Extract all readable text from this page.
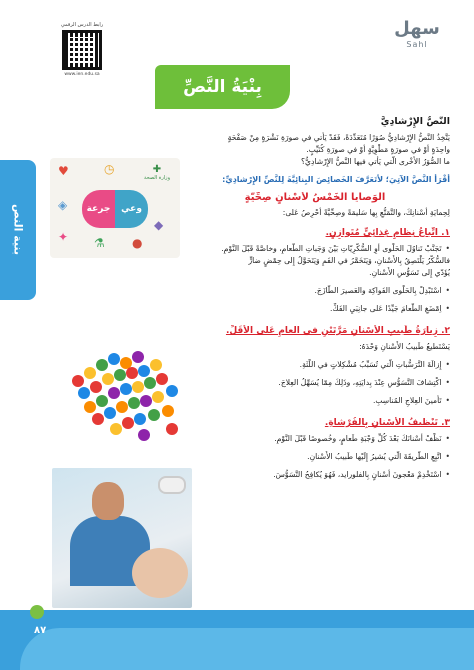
بنية النص
رابط الدرس الرقمي
www.ien.edu.sa
سهل
Sahl
بِنْيَةُ النَّصِّ
✚
وزارة الصحة
♥	◷
◈
✦ ⚗ ●
◆
جرعة	وعي
النَّصُّ الإِرْشادِيُّ
يَتَّخِذُ النَّصُّ الإِرْشادِيُّ صُوَرًا مُتَعَدِّدَةً، فَقَدْ يَأْتي في صورَةِ نَشْرَةٍ مِنْ صَفْحَةٍ
واحِدَةٍ أَوْ في صورَةٍ مَطْوِيَّةٍ أَوْ في صورَةِ كُتَيِّبٍ.
ما الصُّوَرُ الأُخْرى الَّتي يَأْتي فيها النَّصُّ الإِرْشادِيُّ؟
أَقْرَأُ النَّصَّ الآتِيَ؛ لأَتَعَرَّفَ الخَصائِصَ البِنائِيَّةَ لِلنَّصِّ الإِرْشادِيِّ:
الوَصايا الخَمْسُ لأَسْنانٍ صِحِّيَّةٍ
لِحِمايَةِ أَسْنانِكَ، والتَّمَتُّعِ بِها سَليمَةً وصِحِّيَّةً أَحْرِصُ عَلى:
١. اتِّباعُ نِظامٍ غِذائِيٍّ مُتَوازِنٍ.
• تَجَنَّبْ تَناوُلَ الحَلْوى أَوِ السُّكَّرِيّاتِ بَيْنَ وَجَباتِ الطَّعامِ، وخاصَّةً قَبْلَ النَّوْمِ.
فالسُّكَّرُ يَلْتَصِقُ بِالأَسْنانِ، وَيَتَخَمَّرُ في الفَمِ وَيَتَحَوَّلُ إِلى حِمْضٍ ضارٍّ
يُؤَدّي إِلى تَسَوُّسِ الأَسْنانِ.
• اسْتَبْدِلْ بِالحَلْوى الفَواكِهَ والعَصيرَ الطّازَجَ.
• اِمْضَغِ الطَّعامَ جَيِّدًا عَلى جانِبَيِ الفَكِّ.
٢. زِيارَةُ طَبيبِ الأَسْنانِ مَرَّتَيْنِ في العامِ عَلى الأَقَلِّ.
يَسْتَطيعُ طَبيبُ الأَسْنانِ وَحْدَهُ:
• إِزالَةَ التَّرَسُّباتِ الَّتي تُسَبِّبُ مُشْكِلاتٍ في اللِّثَةِ.
• اكْتِشافَ التَّسَوُّسِ عِنْدَ بِدايَتِهِ، وذَلِكَ مِمّا يُسَهِّلُ العِلاجَ.
• تَأْمينَ العِلاجِ المُناسِبِ.
٣. تَنْظيفُ الأَسْنانِ بِالفُرْشاةِ.
• نَظِّفْ أَسْنانَكَ بَعْدَ كُلِّ وَجْبَةِ طَعامٍ، وخُصوصًا قَبْلَ النَّوْمِ.
• اتَّبِعِ الطَّريقَةَ الَّتي يُشيرُ إِلَيْها طَبيبُ الأَسْنانِ.
• اسْتَخْدِمْ مَعْجونَ أَسْنانٍ بِالفلورايد، فَهُوَ يُكافِحُ التَّسَوُّسَ.
٨٧
